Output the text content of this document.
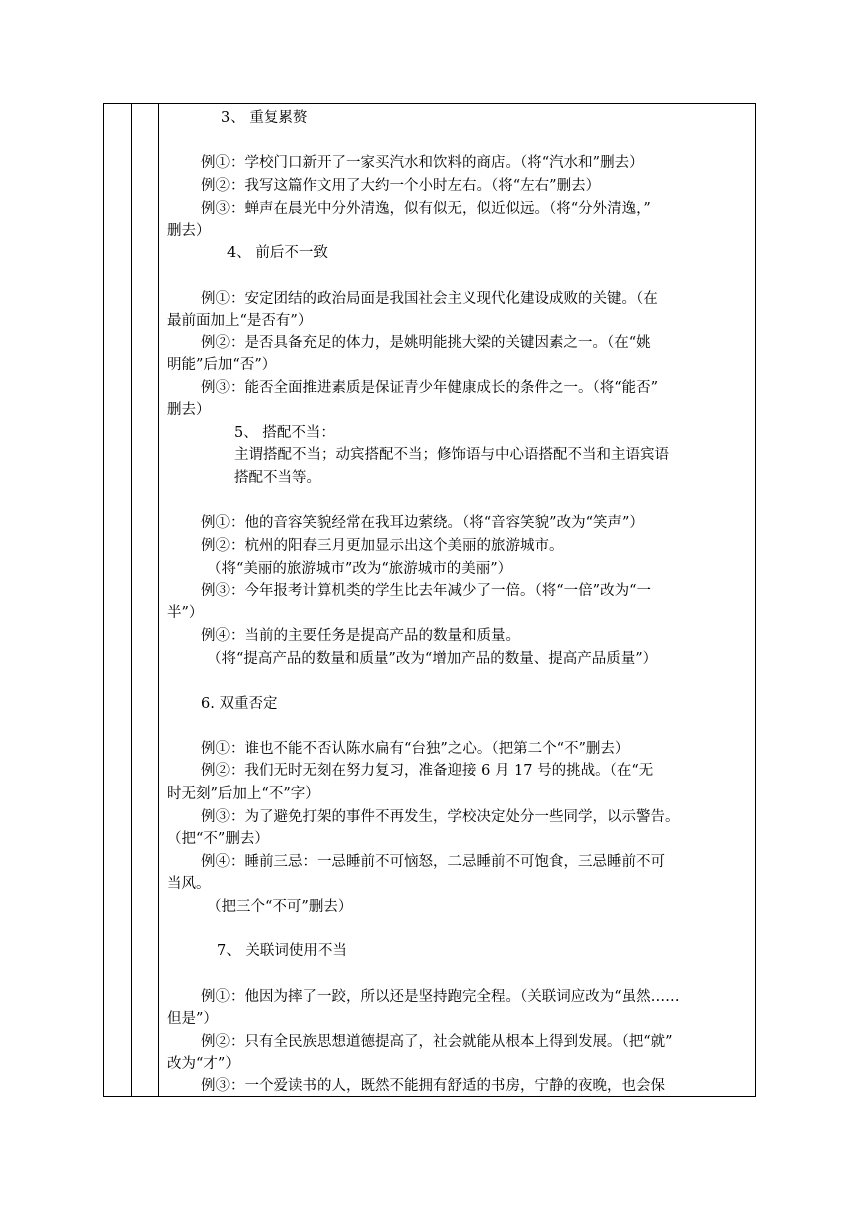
3、 重复累赘
例①：学校门口新开了一家买汽水和饮料的商店。（将“汽水和”删去）
例②：我写这篇作文用了大约一个小时左右。（将“左右”删去）
例③：蝉声在晨光中分外清逸，似有似无，似近似远。（将“分外清逸，”
删去）
4、 前后不一致
例①：安定团结的政治局面是我国社会主义现代化建设成败的关键。（在
最前面加上“是否有”）
例②：是否具备充足的体力，是姚明能挑大梁的关键因素之一。（在“姚
明能”后加“否”）
例③：能否全面推进素质是保证青少年健康成长的条件之一。（将“能否”
删去）
5、 搭配不当：
主谓搭配不当；动宾搭配不当；修饰语与中心语搭配不当和主语宾语
搭配不当等。
例①：他的音容笑貌经常在我耳边萦绕。（将“音容笑貌”改为“笑声”）
例②：杭州的阳春三月更加显示出这个美丽的旅游城市。
（将“美丽的旅游城市”改为“旅游城市的美丽”）
例③：今年报考计算机类的学生比去年减少了一倍。（将“一倍”改为“一
半”）
例④：当前的主要任务是提高产品的数量和质量。
（将“提高产品的数量和质量”改为“增加产品的数量、提高产品质量”）
6. 双重否定
例①：谁也不能不否认陈水扁有“台独”之心。（把第二个“不”删去）
例②：我们无时无刻在努力复习，准备迎接 6 月 17 号的挑战。（在“无
时无刻”后加上“不”字）
例③：为了避免打架的事件不再发生，学校决定处分一些同学，以示警告。
（把“不”删去）
例④：睡前三忌：一忌睡前不可恼怒，二忌睡前不可饱食，三忌睡前不可
当风。
（把三个“不可”删去）
7、 关联词使用不当
例①：他因为摔了一跤，所以还是坚持跑完全程。（关联词应改为“虽然……
但是”）
例②：只有全民族思想道德提高了，社会就能从根本上得到发展。（把“就”
改为“才”）
例③：一个爱读书的人，既然不能拥有舒适的书房，宁静的夜晚，也会保
